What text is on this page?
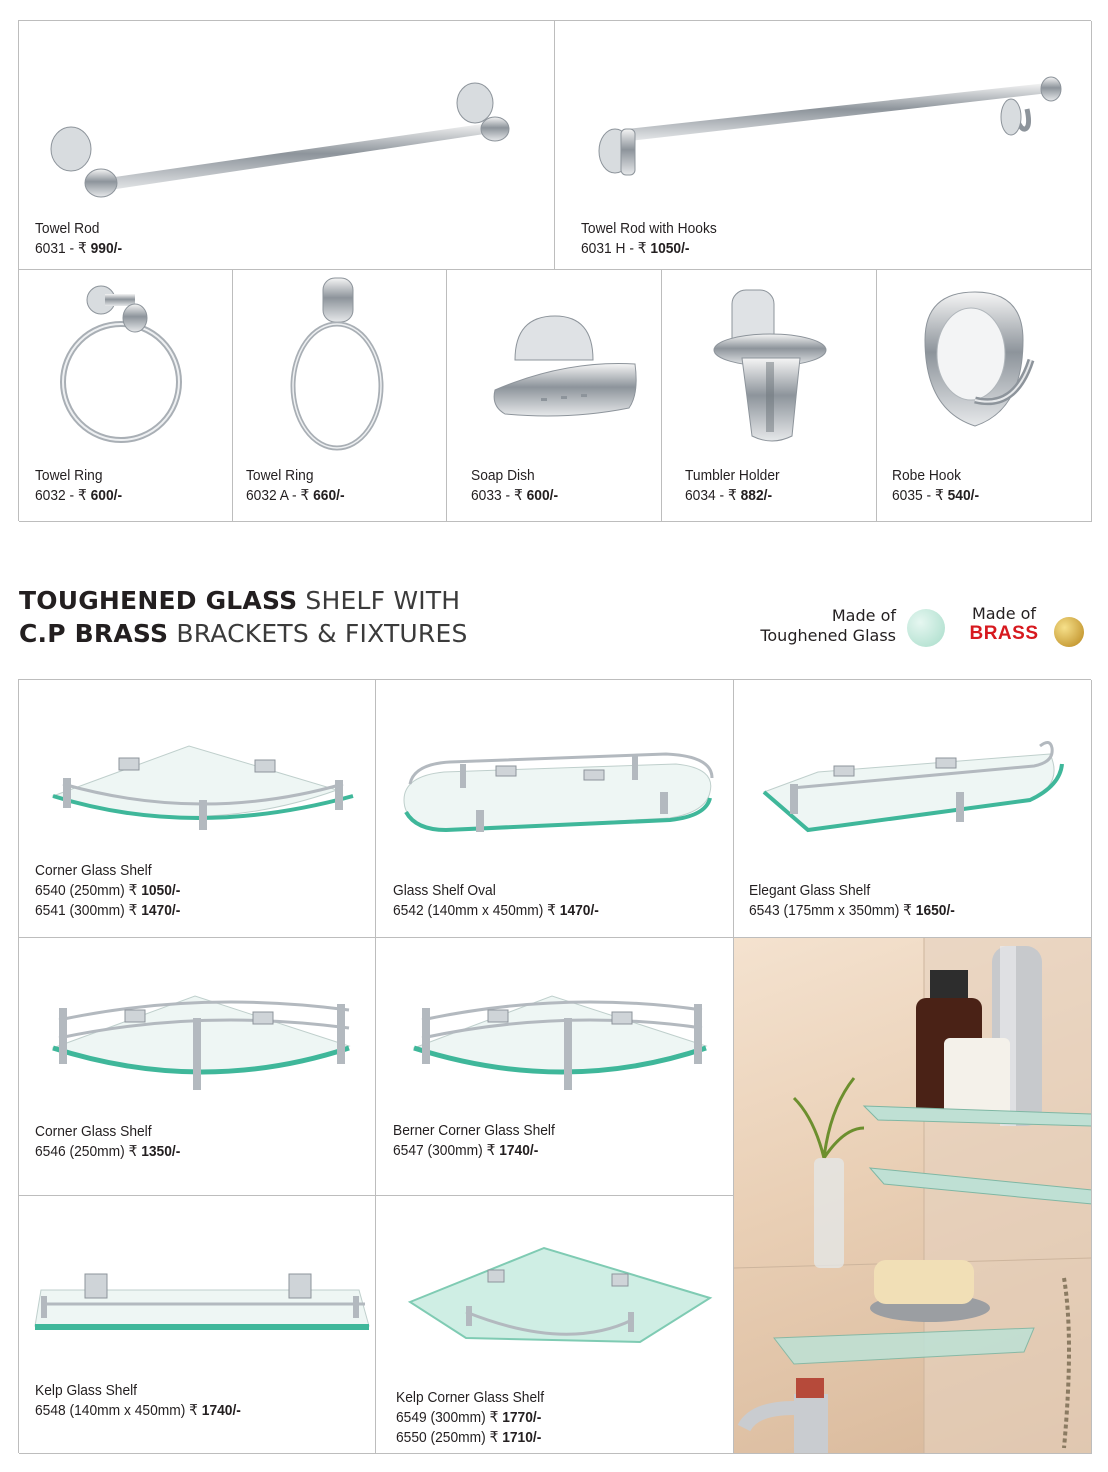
Towel Rod
6031 - ₹ 990/-
Towel Rod with Hooks
6031 H - ₹ 1050/-
Towel Ring
6032 - ₹ 600/-
Towel Ring
6032 A - ₹ 660/-
Soap Dish
6033 - ₹ 600/-
Tumbler Holder
6034 - ₹ 882/-
Robe Hook
6035 - ₹ 540/-
TOUGHENED GLASS SHELF WITH
C.P BRASS BRACKETS & FIXTURES
Made of
Toughened Glass
Made of
BRASS
Corner Glass Shelf
6540 (250mm) ₹ 1050/-
6541 (300mm) ₹ 1470/-
Glass Shelf Oval
6542 (140mm x 450mm) ₹ 1470/-
Elegant Glass Shelf
6543 (175mm x 350mm) ₹ 1650/-
Corner Glass Shelf
6546 (250mm) ₹ 1350/-
Berner Corner Glass Shelf
6547 (300mm) ₹ 1740/-
Kelp Glass Shelf
6548 (140mm x 450mm) ₹ 1740/-
Kelp Corner Glass Shelf
6549 (300mm) ₹ 1770/-
6550 (250mm) ₹ 1710/-
